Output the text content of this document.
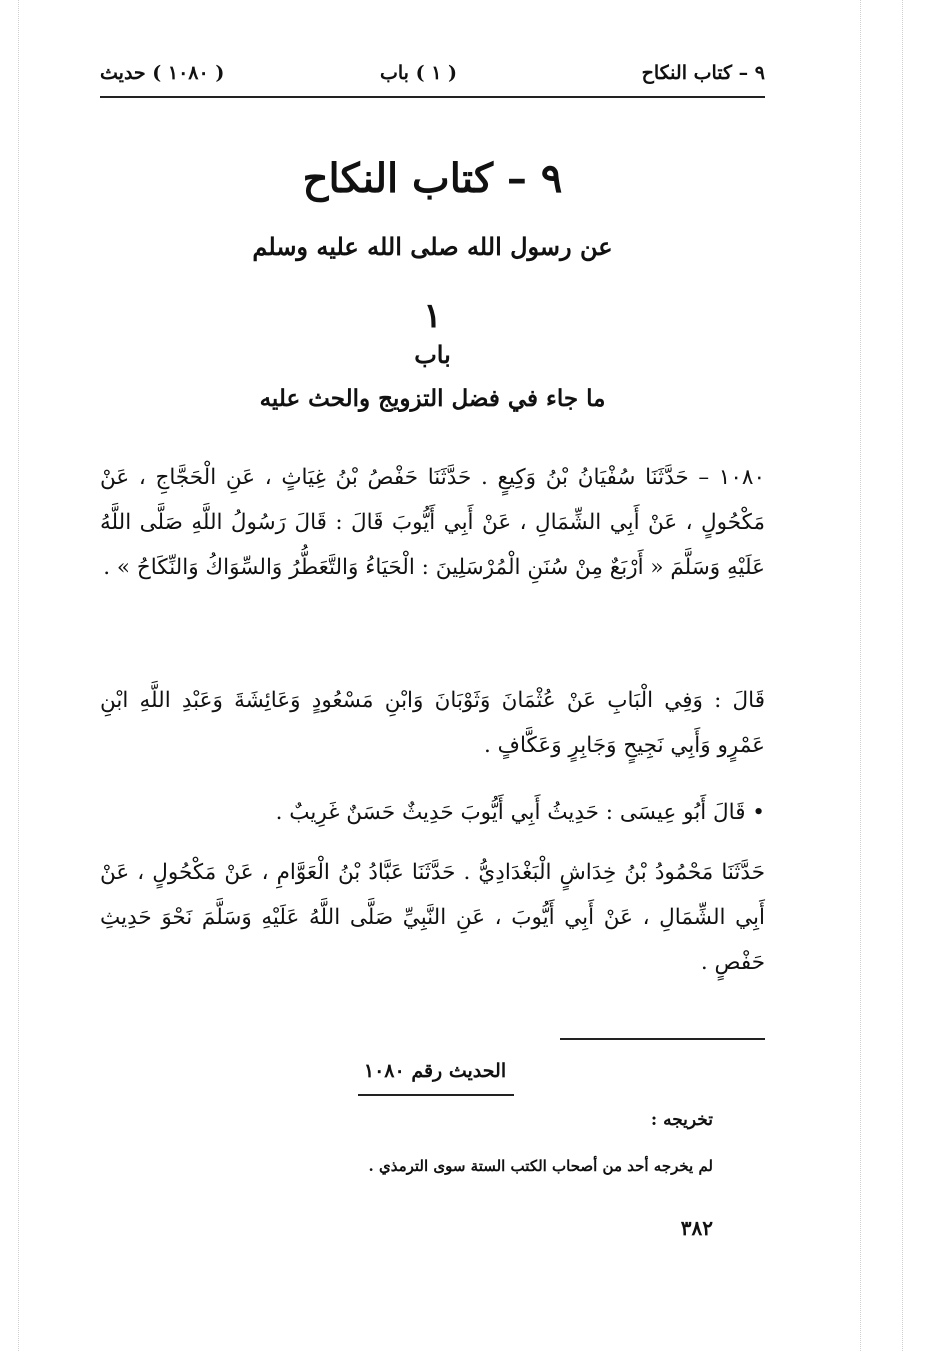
٩ – كتاب النكاح
( ١ ) باب
( ١٠٨٠ ) حديث
٩ – كتاب النكاح
عن رسول الله صلى الله عليه وسلم
١
باب
ما جاء في فضل التزويج والحث عليه
١٠٨٠ – حَدَّثَنَا سُفْيَانُ بْنُ وَكِيعٍ . حَدَّثَنَا حَفْصُ بْنُ غِيَاثٍ ، عَنِ الْحَجَّاجِ ، عَنْ مَكْحُولٍ ، عَنْ أَبِي الشِّمَالِ ، عَنْ أَبِي أَيُّوبَ قَالَ : قَالَ رَسُولُ اللَّهِ صَلَّى اللَّهُ عَلَيْهِ وَسَلَّمَ « أَرْبَعٌ مِنْ سُنَنِ الْمُرْسَلِينَ : الْحَيَاءُ وَالتَّعَطُّرُ وَالسِّوَاكُ وَالنِّكَاحُ » .
قَالَ : وَفِي الْبَابِ عَنْ عُثْمَانَ وَثَوْبَانَ وَابْنِ مَسْعُودٍ وَعَائِشَةَ وَعَبْدِ اللَّهِ ابْنِ عَمْرٍو وَأَبِي نَجِيحٍ وَجَابِرٍ وَعَكَّافٍ .
• قَالَ أَبُو عِيسَى : حَدِيثُ أَبِي أَيُّوبَ حَدِيثٌ حَسَنٌ غَرِيبٌ .
حَدَّثَنَا مَحْمُودُ بْنُ خِدَاشٍ الْبَغْدَادِيُّ . حَدَّثَنَا عَبَّادُ بْنُ الْعَوَّامِ ، عَنْ مَكْحُولٍ ، عَنْ أَبِي الشِّمَالِ ، عَنْ أَبِي أَيُّوبَ ، عَنِ النَّبِيِّ صَلَّى اللَّهُ عَلَيْهِ وَسَلَّمَ نَحْوَ حَدِيثِ حَفْصٍ .
الحديث رقم ١٠٨٠
تخريجه :
لم يخرجه أحد من أصحاب الكتب الستة سوى الترمذي .
٣٨٢
